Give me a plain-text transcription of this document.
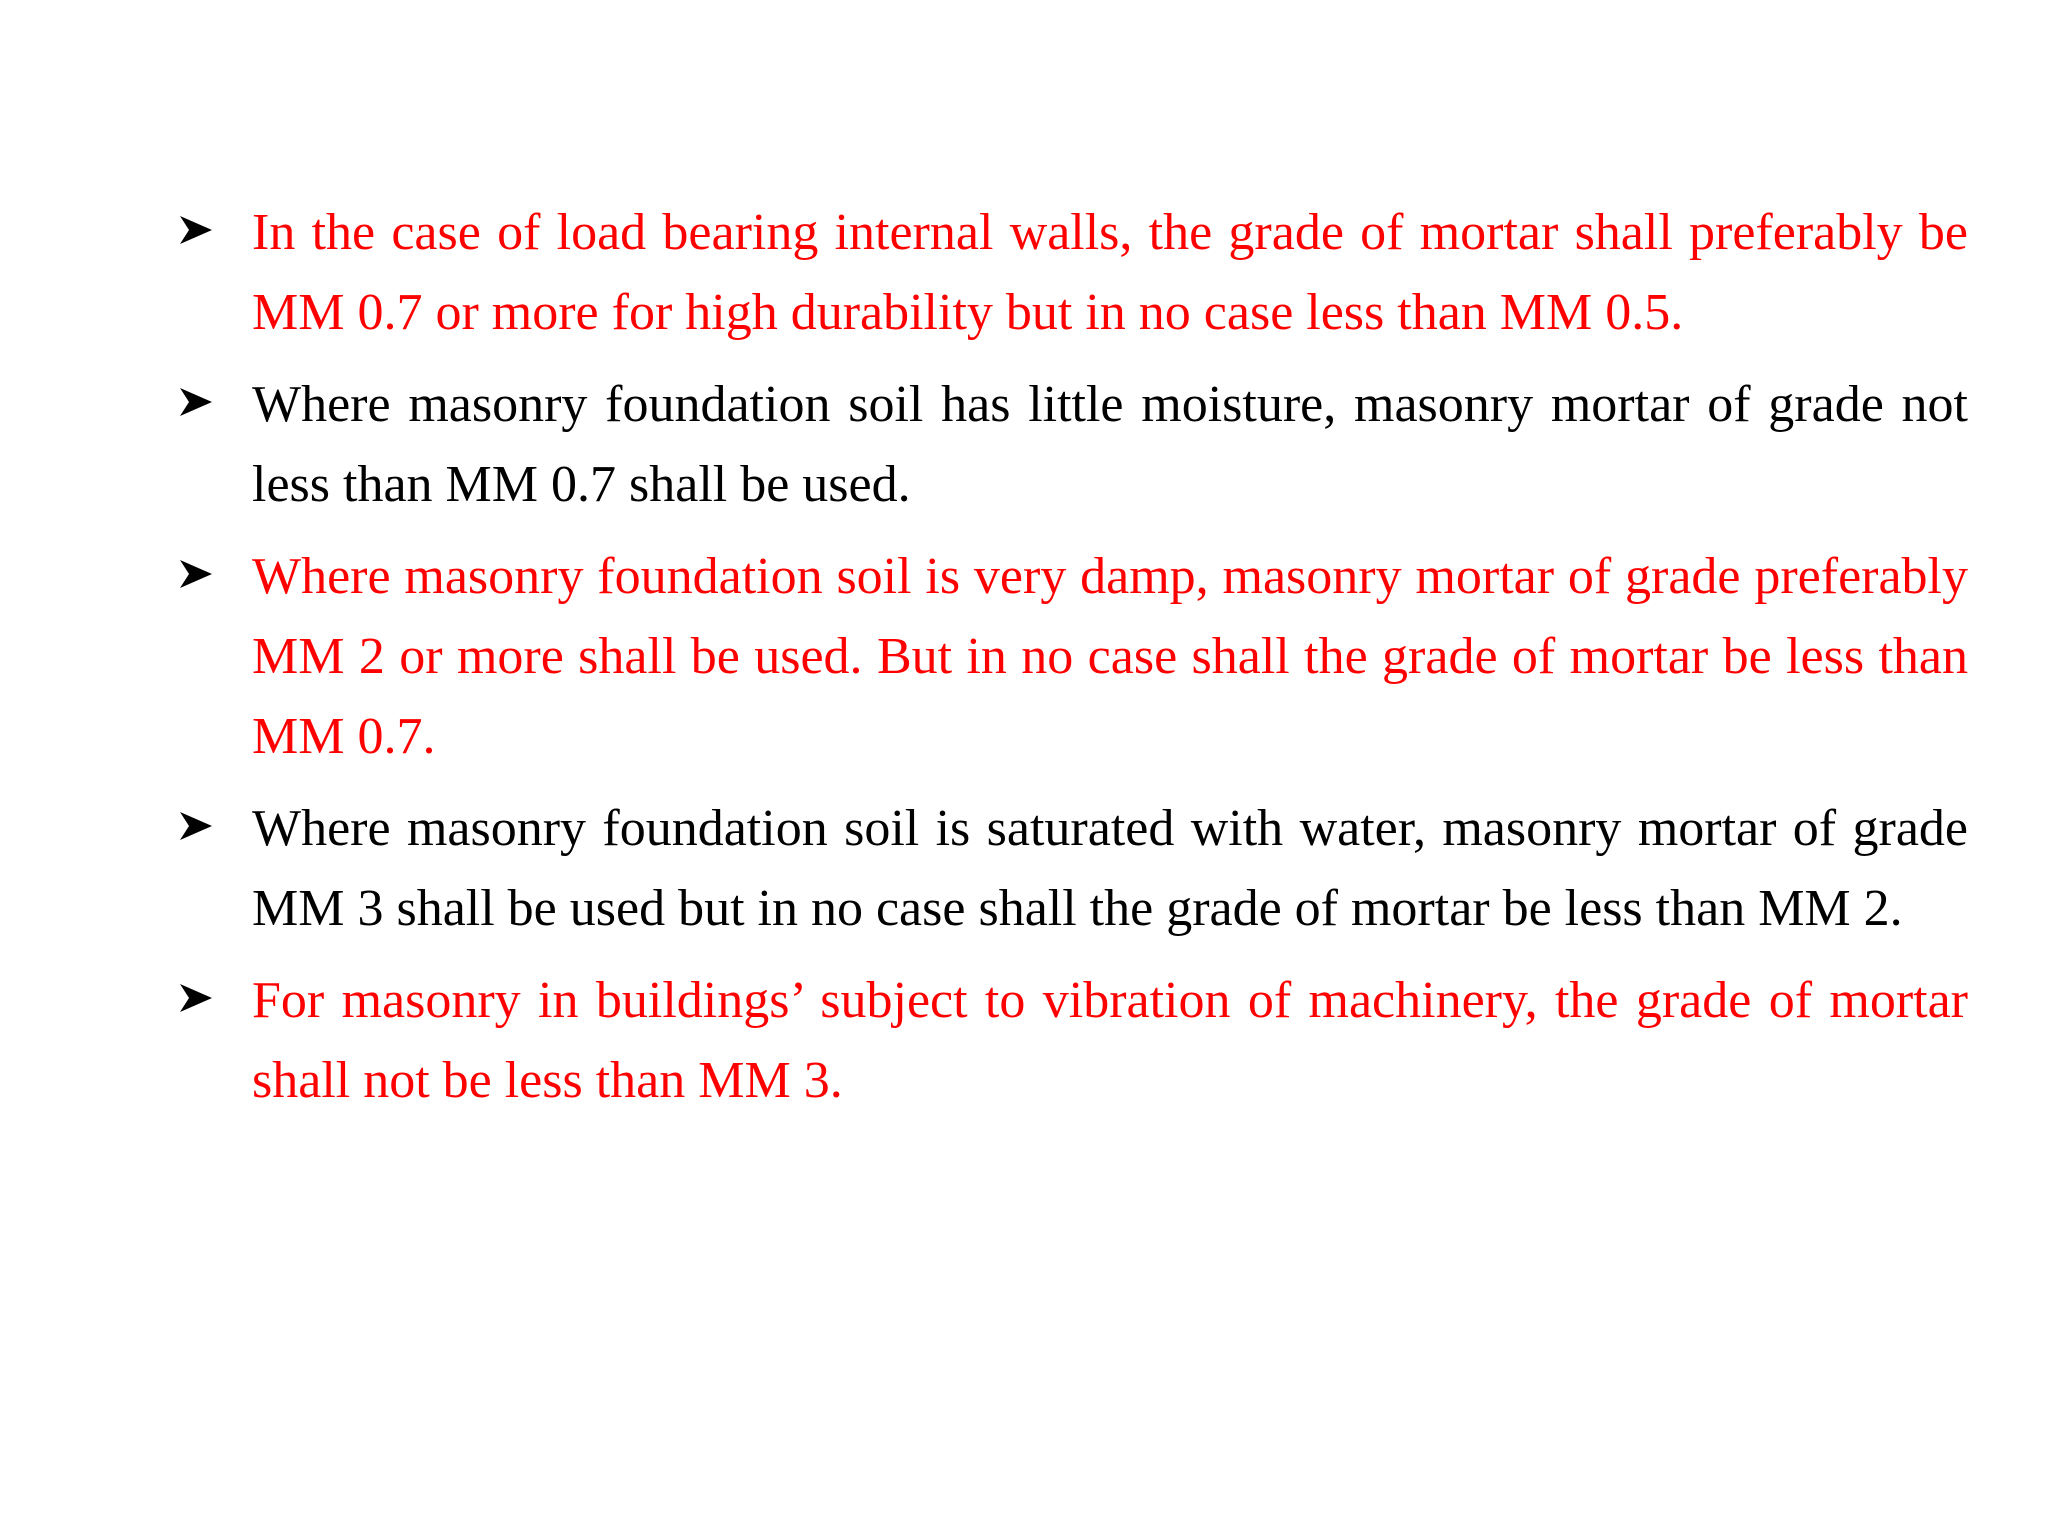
In the case of load bearing internal walls, the grade of mortar shall preferably be MM 0.7 or more for high durability but in no case less than MM 0.5.
Where masonry foundation soil has little moisture, masonry mortar of grade not less than MM 0.7 shall be used.
Where masonry foundation soil is very damp, masonry mortar of grade preferably MM 2 or more shall be used. But in no case shall the grade of mortar be less than MM 0.7.
Where masonry foundation soil is saturated with water, masonry mortar of grade MM 3 shall be used but in no case shall the grade of mortar be less than MM 2.
For masonry in buildings’ subject to vibration of machinery, the grade of mortar shall not be less than MM 3.
